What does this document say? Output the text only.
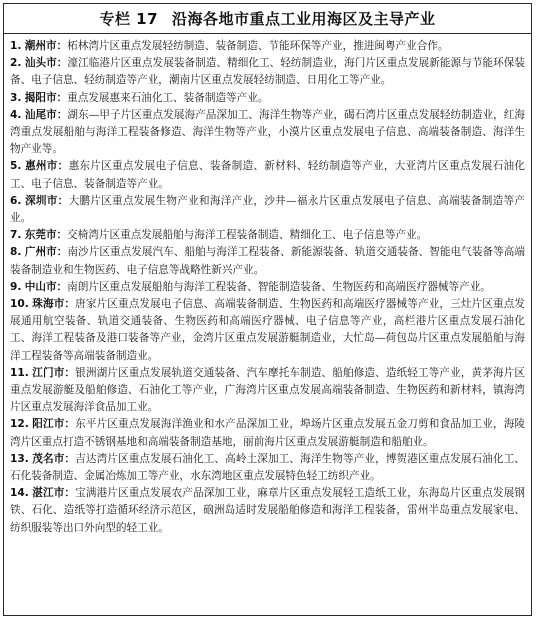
专栏 17 沿海各地市重点工业用海区及主导产业

1. 潮州市：柘林湾片区重点发展轻纺制造、装备制造、节能环保等产业，推进闽粤产业合作。

2. 汕头市：濠江临港片区重点发展装备制造、精细化工、轻纺制造业，海门片区重点发展新能源与节能环保装备、电子信息、轻纺制造等产业，潮南片区重点发展轻纺制造、日用化工等产业。

3. 揭阳市：重点发展惠来石油化工、装备制造等产业。

4. 汕尾市：湖东—甲子片区重点发展海产品深加工、海洋生物等产业，碣石湾片区重点发展轻纺制造业，红海湾重点发展船舶与海洋工程装备修造、海洋生物等产业，小漠片区重点发展电子信息、高端装备制造、海洋生物产业等。

5. 惠州市：惠东片区重点发展电子信息、装备制造、新材料、轻纺制造等产业，大亚湾片区重点发展石油化工、电子信息、装备制造等产业。

6. 深圳市：大鹏片区重点发展生物产业和海洋产业，沙井—福永片区重点发展电子信息、高端装备制造等产业。

7. 东莞市：交椅湾片区重点发展船舶与海洋工程装备制造、精细化工、电子信息等产业。

8. 广州市：南沙片区重点发展汽车、船舶与海洋工程装备、新能源装备、轨道交通装备、智能电气装备等高端装备制造业和生物医药、电子信息等战略性新兴产业。

9. 中山市：南朗片区重点发展船舶与海洋工程装备、智能制造装备、生物医药和高端医疗器械等产业。

10. 珠海市：唐家片区重点发展电子信息、高端装备制造、生物医药和高端医疗器械等产业，三灶片区重点发展通用航空装备、轨道交通装备、生物医药和高端医疗器械、电子信息等产业，高栏港片区重点发展石油化工、海洋工程装备及港口装备等产业，金湾片区重点发展游艇制造业，大忙岛—荷包岛片区重点发展船舶与海洋工程装备等高端装备制造业。

11. 江门市：银洲湖片区重点发展轨道交通装备、汽车摩托车制造、船舶修造、造纸轻工等产业，黄茅海片区重点发展游艇及船舶修造、石油化工等产业，广海湾片区重点发展高端装备制造、生物医药和新材料，镇海湾片区重点发展海洋食品加工业。

12. 阳江市：东平片区重点发展海洋渔业和水产品深加工业，埠场片区重点发展五金刀剪和食品加工业，海陵湾片区重点打造不锈钢基地和高端装备制造基地，丽前海片区重点发展游艇制造和船舶业。

13. 茂名市：吉达湾片区重点发展石油化工、高岭土深加工、海洋生物等产业，博贺港区重点发展石油化工、石化装备制造、金属冶炼加工等产业，水东湾地区重点发展特色轻工纺织产业。

14. 湛江市：宝满港片区重点发展农产品深加工业，麻章片区重点发展轻工造纸工业，东海岛片区重点发展钢铁、石化、造纸等打造循环经济示范区，硇洲岛适时发展船舶修造和海洋工程装备，雷州半岛重点发展家电、纺织服装等出口外向型的轻工业。
